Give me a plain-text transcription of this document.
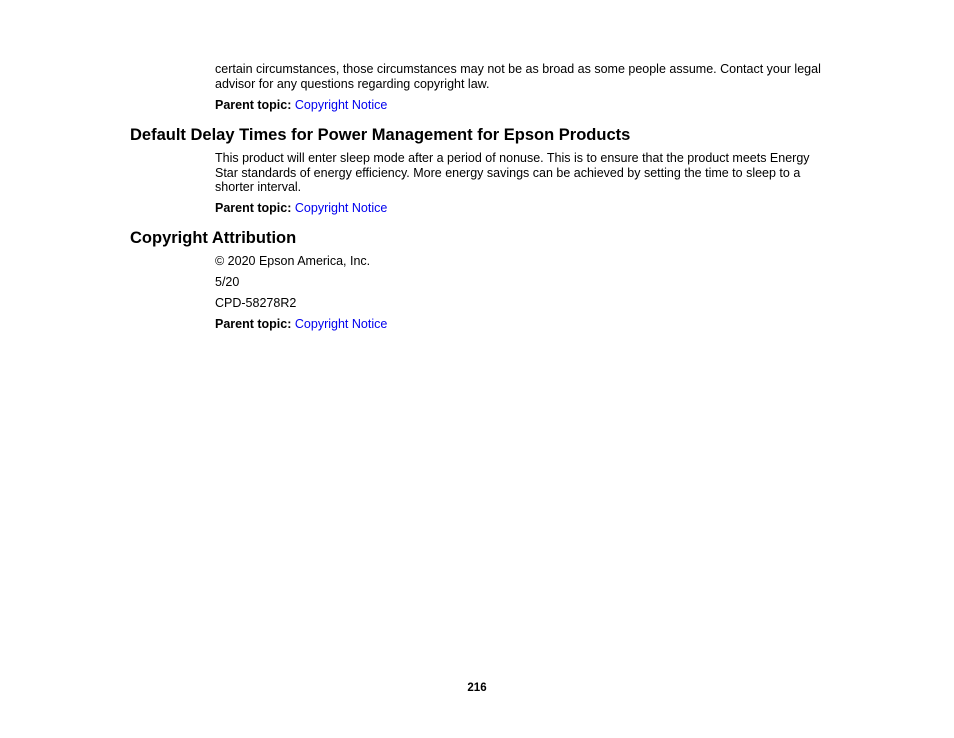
certain circumstances, those circumstances may not be as broad as some people assume. Contact your legal advisor for any questions regarding copyright law.

Parent topic: Copyright Notice

Default Delay Times for Power Management for Epson Products

This product will enter sleep mode after a period of nonuse. This is to ensure that the product meets Energy Star standards of energy efficiency. More energy savings can be achieved by setting the time to sleep to a shorter interval.

Parent topic: Copyright Notice

Copyright Attribution

© 2020 Epson America, Inc.

5/20

CPD-58278R2

Parent topic: Copyright Notice

216
